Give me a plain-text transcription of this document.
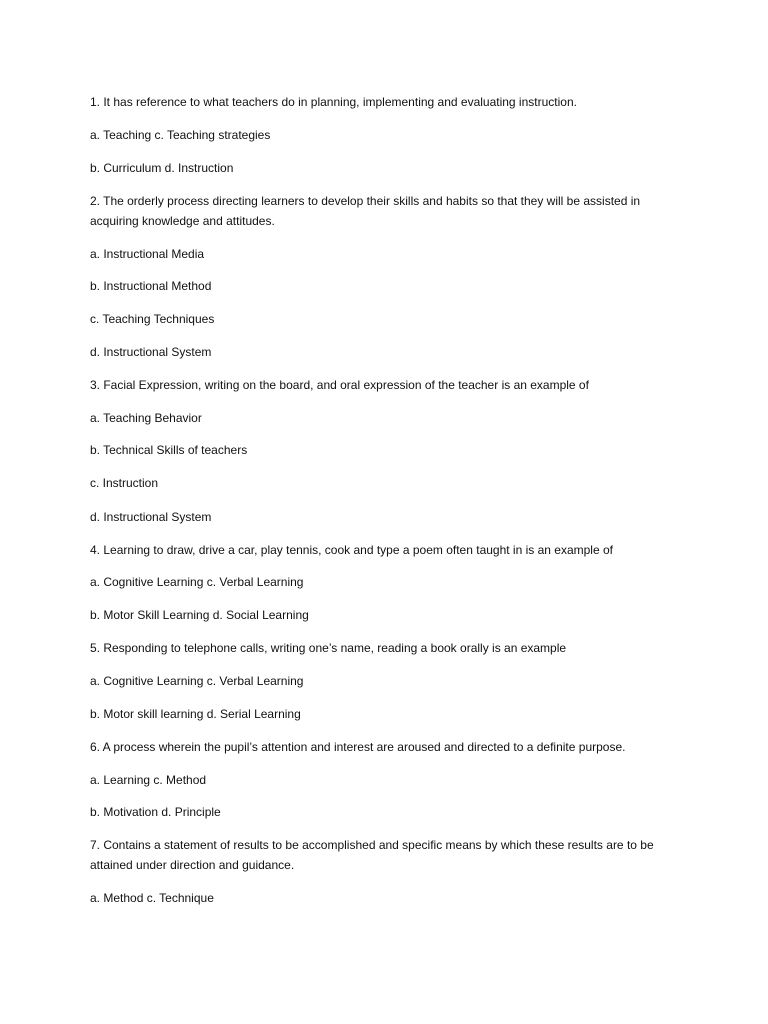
1. It has reference to what teachers do in planning, implementing and evaluating instruction.

a. Teaching c. Teaching strategies

b. Curriculum d. Instruction

2. The orderly process directing learners to develop their skills and habits so that they will be assisted in acquiring knowledge and attitudes.

a. Instructional Media

b. Instructional Method

c. Teaching Techniques

d. Instructional System

3. Facial Expression, writing on the board, and oral expression of the teacher is an example of

a. Teaching Behavior

b. Technical Skills of teachers

c. Instruction

d. Instructional System

4. Learning to draw, drive a car, play tennis, cook and type a poem often taught in is an example of

a. Cognitive Learning c. Verbal Learning

b. Motor Skill Learning d. Social Learning

5. Responding to telephone calls, writing one’s name, reading a book orally is an example

a. Cognitive Learning c. Verbal Learning

b. Motor skill learning d. Serial Learning

6. A process wherein the pupil’s attention and interest are aroused and directed to a definite purpose.

a. Learning c. Method

b. Motivation d. Principle

7. Contains a statement of results to be accomplished and specific means by which these results are to be attained under direction and guidance.

a. Method c. Technique
